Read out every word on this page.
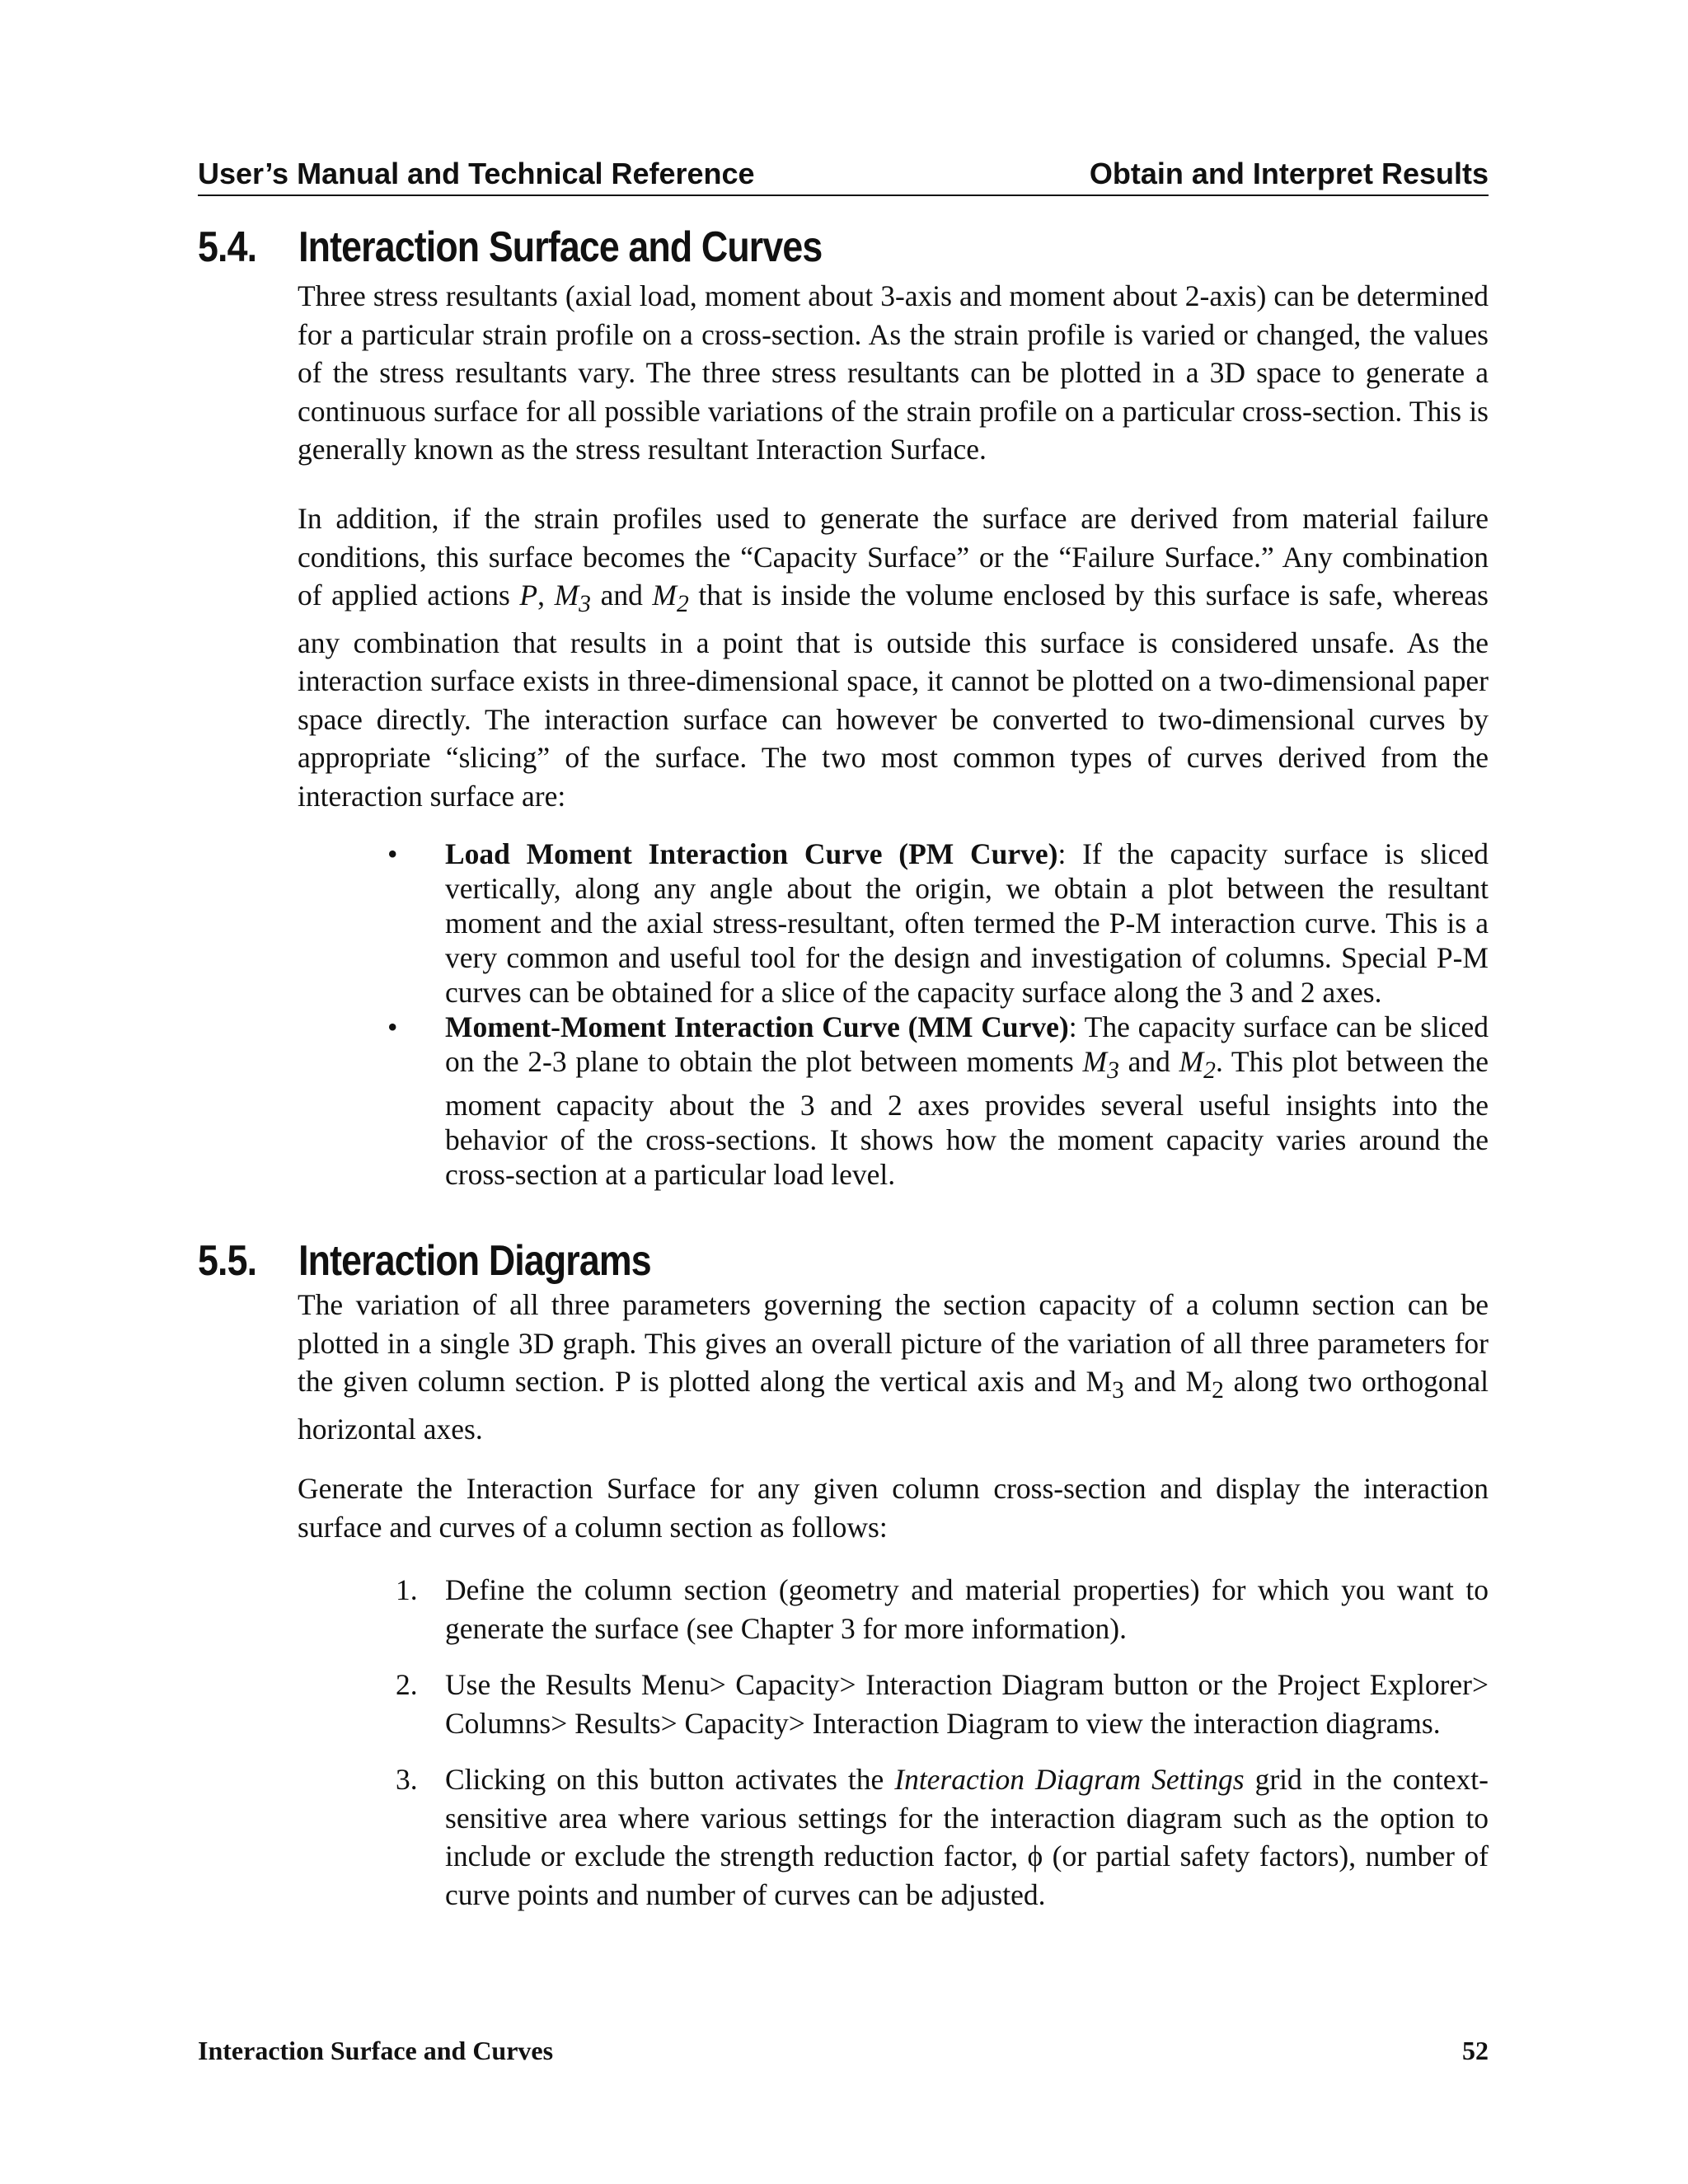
User’s Manual and Technical Reference	Obtain and Interpret Results
5.4. Interaction Surface and Curves

Three stress resultants (axial load, moment about 3-axis and moment about 2-axis) can be determined for a particular strain profile on a cross-section. As the strain profile is varied or changed, the values of the stress resultants vary. The three stress resultants can be plotted in a 3D space to generate a continuous surface for all possible variations of the strain profile on a particular cross-section. This is generally known as the stress resultant Interaction Surface.

In addition, if the strain profiles used to generate the surface are derived from material failure conditions, this surface becomes the “Capacity Surface” or the “Failure Surface.” Any combination of applied actions P, $M_3$ and $M_2$ that is inside the volume enclosed by this surface is safe, whereas any combination that results in a point that is outside this surface is considered unsafe. As the interaction surface exists in three-dimensional space, it cannot be plotted on a two-dimensional paper space directly. The interaction surface can however be converted to two-dimensional curves by appropriate “slicing” of the surface. The two most common types of curves derived from the interaction surface are:

• Load Moment Interaction Curve (PM Curve): If the capacity surface is sliced vertically, along any angle about the origin, we obtain a plot between the resultant moment and the axial stress-resultant, often termed the P-M interaction curve. This is a very common and useful tool for the design and investigation of columns. Special P-M curves can be obtained for a slice of the capacity surface along the 3 and 2 axes.
• Moment-Moment Interaction Curve (MM Curve): The capacity surface can be sliced on the 2-3 plane to obtain the plot between moments $M_3$ and $M_2$. This plot between the moment capacity about the 3 and 2 axes provides several useful insights into the behavior of the cross-sections. It shows how the moment capacity varies around the cross-section at a particular load level.
5.5. Interaction Diagrams

The variation of all three parameters governing the section capacity of a column section can be plotted in a single 3D graph. This gives an overall picture of the variation of all three parameters for the given column section. P is plotted along the vertical axis and $M_3$ and $M_2$ along two orthogonal horizontal axes.

Generate the Interaction Surface for any given column cross-section and display the interaction surface and curves of a column section as follows:

1. Define the column section (geometry and material properties) for which you want to generate the surface (see Chapter 3 for more information).
2. Use the Results Menu> Capacity> Interaction Diagram button or the Project Explorer> Columns> Results> Capacity> Interaction Diagram to view the interaction diagrams.
3. Clicking on this button activates the Interaction Diagram Settings grid in the context-sensitive area where various settings for the interaction diagram such as the option to include or exclude the strength reduction factor, ϕ (or partial safety factors), number of curve points and number of curves can be adjusted.
Interaction Surface and Curves	52
